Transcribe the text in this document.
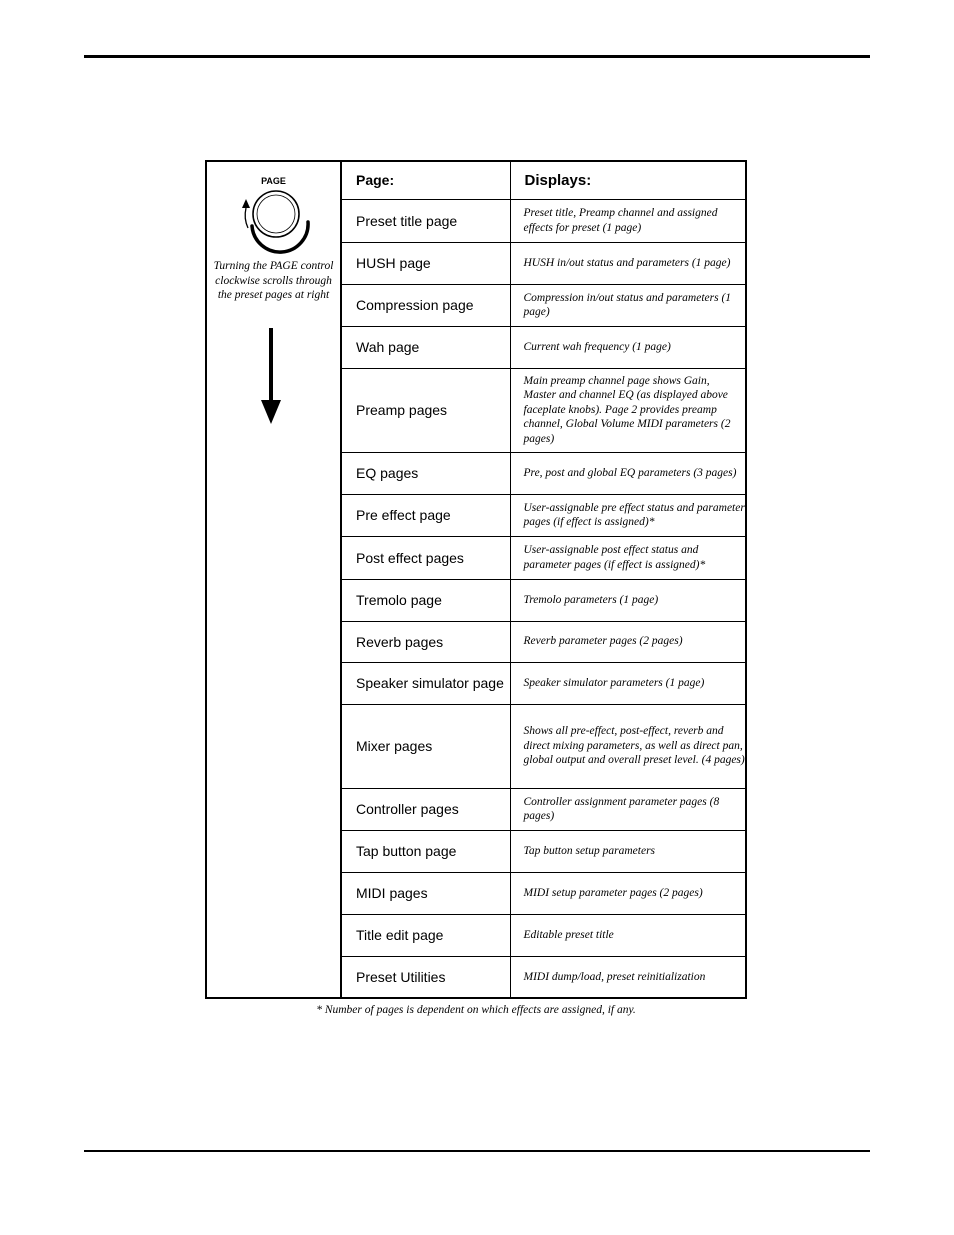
PAGE
Turning the PAGE control clockwise scrolls through the preset pages at right
Page:	Displays:
Preset title page	Preset title, Preamp channel and assigned effects for preset (1 page)
HUSH page	HUSH in/out status and parameters (1 page)
Compression page	Compression in/out status and parameters (1 page)
Wah page	Current wah frequency (1 page)
Preamp pages	Main preamp channel page shows Gain, Master and channel EQ (as displayed above faceplate knobs). Page 2 provides preamp channel, Global Volume MIDI parameters (2 pages)
EQ pages	Pre, post and global EQ parameters (3 pages)
Pre effect page	User-assignable pre effect status and parameter pages (if effect is assigned)*
Post effect pages	User-assignable post effect status and parameter pages (if effect is assigned)*
Tremolo page	Tremolo parameters (1 page)
Reverb pages	Reverb parameter pages (2 pages)
Speaker simulator page	Speaker simulator parameters (1 page)
Mixer pages	Shows all pre-effect, post-effect, reverb and direct mixing parameters, as well as direct pan, global output and overall preset level. (4 pages)
Controller pages	Controller assignment parameter pages (8 pages)
Tap button page	Tap button setup parameters
MIDI pages	MIDI setup parameter pages (2 pages)
Title edit page	Editable preset title
Preset Utilities	MIDI dump/load, preset reinitialization
* Number of pages is dependent on which effects are assigned, if any.
